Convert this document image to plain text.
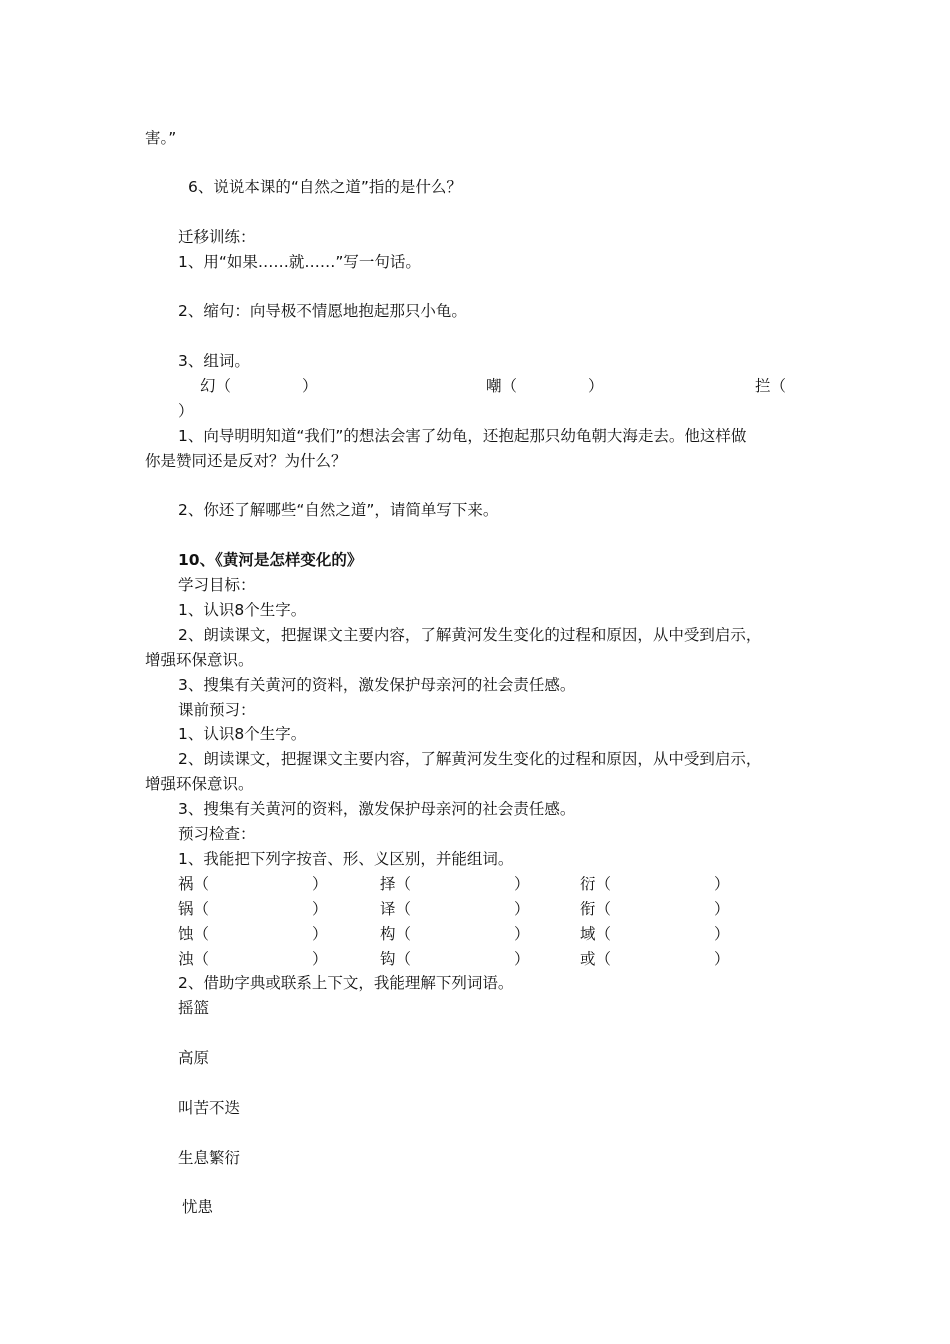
害。”
6、说说本课的“自然之道”指的是什么？
迁移训练：
1、用“如果……就……”写一句话。
2、缩句：向导极不情愿地抱起那只小龟。
3、组词。
幻（	）	嘲（	）	拦（
）
1、向导明明知道“我们”的想法会害了幼龟，还抱起那只幼龟朝大海走去。他这样做
你是赞同还是反对？为什么？
2、你还了解哪些“自然之道”，请简单写下来。
10、《黄河是怎样变化的》
学习目标：
1、认识8个生字。
2、朗读课文，把握课文主要内容，了解黄河发生变化的过程和原因，从中受到启示，
增强环保意识。
3、搜集有关黄河的资料，激发保护母亲河的社会责任感。
课前预习：
1、认识8个生字。
2、朗读课文，把握课文主要内容，了解黄河发生变化的过程和原因，从中受到启示，
增强环保意识。
3、搜集有关黄河的资料，激发保护母亲河的社会责任感。
预习检查：
1、我能把下列字按音、形、义区别，并能组词。
祸（	）	择（	）	衍（	）
锅（	）	译（	）	衔（	）
蚀（	）	构（	）	域（	）
浊（	）	钩（	）	或（	）
2、借助字典或联系上下文，我能理解下列词语。
摇篮
高原
叫苦不迭
生息繁衍
忧患
